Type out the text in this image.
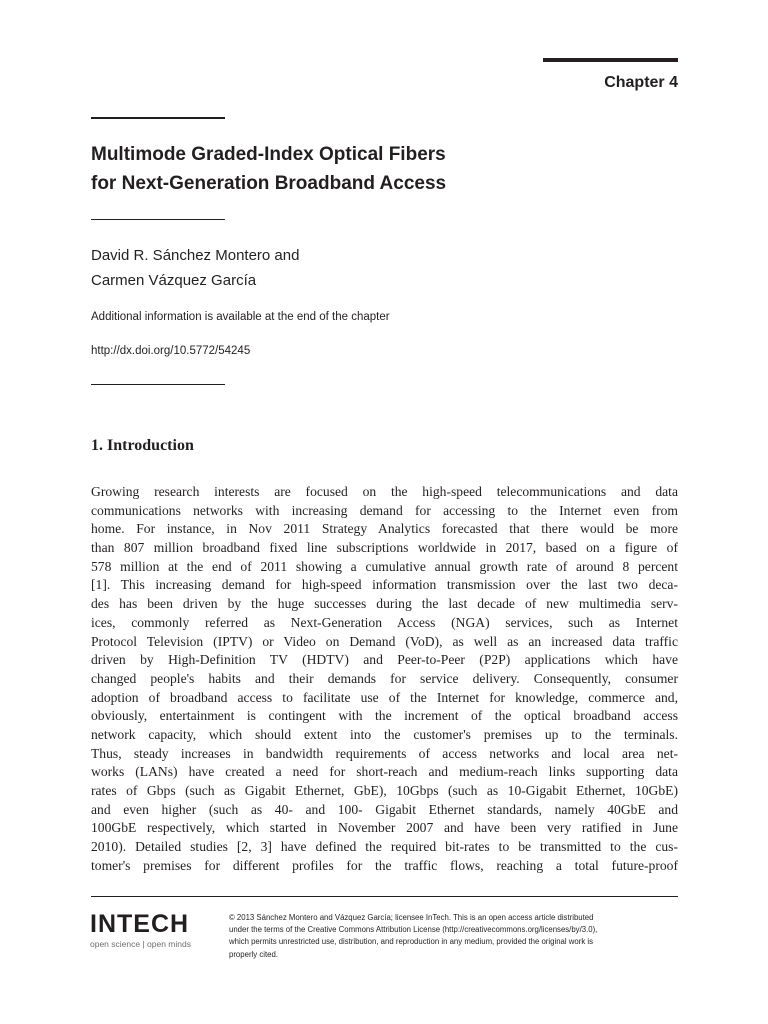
Chapter 4
Multimode Graded-Index Optical Fibers
for Next-Generation Broadband Access
David R. Sánchez Montero and
Carmen Vázquez García
Additional information is available at the end of the chapter
http://dx.doi.org/10.5772/54245
1. Introduction
Growing research interests are focused on the high-speed telecommunications and data
communications networks with increasing demand for accessing to the Internet even from
home. For instance, in Nov 2011 Strategy Analytics forecasted that there would be more
than 807 million broadband fixed line subscriptions worldwide in 2017, based on a figure of
578 million at the end of 2011 showing a cumulative annual growth rate of around 8 percent
[1]. This increasing demand for high-speed information transmission over the last two deca‐
des has been driven by the huge successes during the last decade of new multimedia serv‐
ices, commonly referred as Next-Generation Access (NGA) services, such as Internet
Protocol Television (IPTV) or Video on Demand (VoD), as well as an increased data traffic
driven by High-Definition TV (HDTV) and Peer-to-Peer (P2P) applications which have
changed people's habits and their demands for service delivery. Consequently, consumer
adoption of broadband access to facilitate use of the Internet for knowledge, commerce and,
obviously, entertainment is contingent with the increment of the optical broadband access
network capacity, which should extent into the customer's premises up to the terminals.
Thus, steady increases in bandwidth requirements of access networks and local area net‐
works (LANs) have created a need for short-reach and medium-reach links supporting data
rates of Gbps (such as Gigabit Ethernet, GbE), 10Gbps (such as 10-Gigabit Ethernet, 10GbE)
and even higher (such as 40- and 100- Gigabit Ethernet standards, namely 40GbE and
100GbE respectively, which started in November 2007 and have been very ratified in June
2010). Detailed studies [2, 3] have defined the required bit-rates to be transmitted to the cus‐
tomer's premises for different profiles for the traffic flows, reaching a total future-proof
INTECH
open science | open minds
© 2013 Sánchez Montero and Vázquez García; licensee InTech. This is an open access article distributed
under the terms of the Creative Commons Attribution License (http://creativecommons.org/licenses/by/3.0),
which permits unrestricted use, distribution, and reproduction in any medium, provided the original work is
properly cited.
